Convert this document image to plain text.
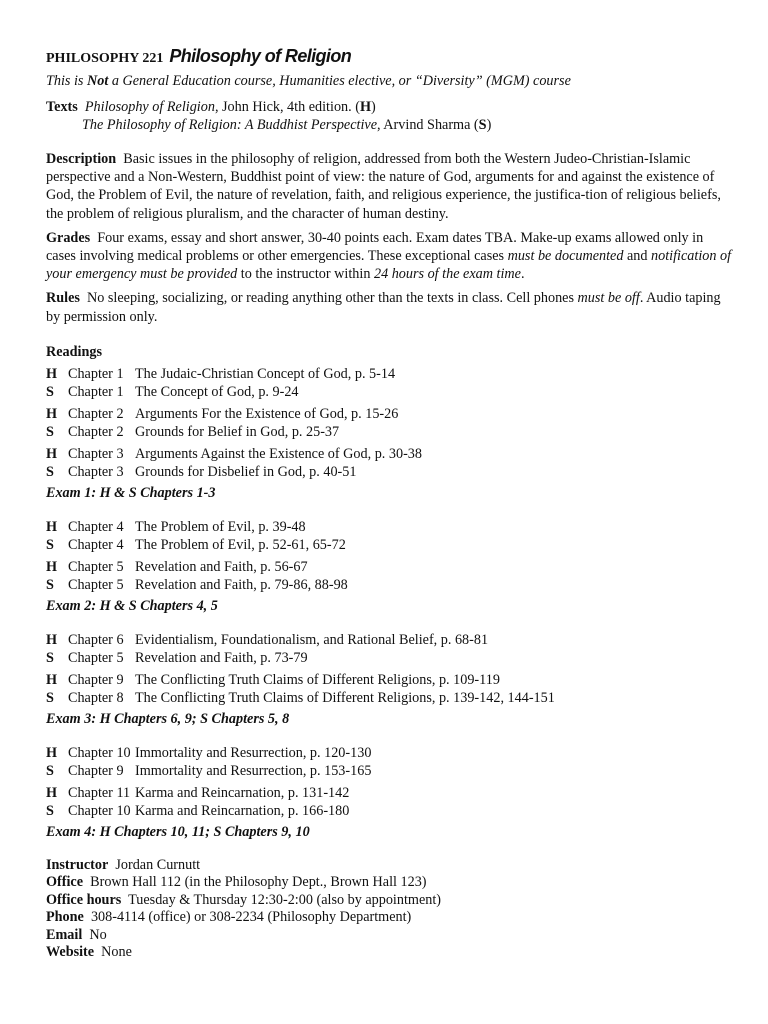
PHILOSOPHY 221 Philosophy of Religion
This is Not a General Education course, Humanities elective, or “Diversity” (MGM) course
Texts Philosophy of Religion, John Hick, 4th edition. (H)
The Philosophy of Religion: A Buddhist Perspective, Arvind Sharma (S)
Description Basic issues in the philosophy of religion, addressed from both the Western Judeo-Christian-Islamic perspective and a Non-Western, Buddhist point of view: the nature of God, arguments for and against the existence of God, the Problem of Evil, the nature of revelation, faith, and religious experience, the justifica-tion of religious beliefs, the problem of religious pluralism, and the character of human destiny.
Grades Four exams, essay and short answer, 30-40 points each. Exam dates TBA. Make-up exams allowed only in cases involving medical problems or other emergencies. These exceptional cases must be documented and notification of your emergency must be provided to the instructor within 24 hours of the exam time.
Rules No sleeping, socializing, or reading anything other than the texts in class. Cell phones must be off. Audio taping by permission only.
Readings
H Chapter 1 The Judaic-Christian Concept of God, p. 5-14
S Chapter 1 The Concept of God, p. 9-24
H Chapter 2 Arguments For the Existence of God, p. 15-26
S Chapter 2 Grounds for Belief in God, p. 25-37
H Chapter 3 Arguments Against the Existence of God, p. 30-38
S Chapter 3 Grounds for Disbelief in God, p. 40-51
Exam 1: H & S Chapters 1-3
H Chapter 4 The Problem of Evil, p. 39-48
S Chapter 4 The Problem of Evil, p. 52-61, 65-72
H Chapter 5 Revelation and Faith, p. 56-67
S Chapter 5 Revelation and Faith, p. 79-86, 88-98
Exam 2: H & S Chapters 4, 5
H Chapter 6 Evidentialism, Foundationalism, and Rational Belief, p. 68-81
S Chapter 5 Revelation and Faith, p. 73-79
H Chapter 9 The Conflicting Truth Claims of Different Religions, p. 109-119
S Chapter 8 The Conflicting Truth Claims of Different Religions, p. 139-142, 144-151
Exam 3: H Chapters 6, 9; S Chapters 5, 8
H Chapter 10 Immortality and Resurrection, p. 120-130
S Chapter 9 Immortality and Resurrection, p. 153-165
H Chapter 11 Karma and Reincarnation, p. 131-142
S Chapter 10 Karma and Reincarnation, p. 166-180
Exam 4: H Chapters 10, 11; S Chapters 9, 10
Instructor Jordan Curnutt
Office Brown Hall 112 (in the Philosophy Dept., Brown Hall 123)
Office hours Tuesday & Thursday 12:30-2:00 (also by appointment)
Phone 308-4114 (office) or 308-2234 (Philosophy Department)
Email No
Website None
